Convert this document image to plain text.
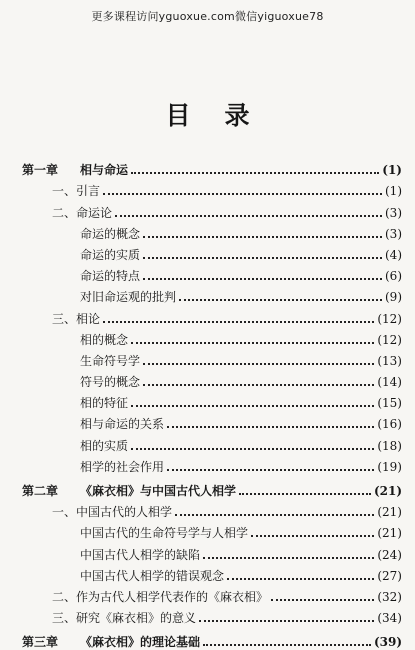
更多课程访问yguoxue.com微信yiguoxue78
目录
第一章 相与命运	(1)
一、引言	(1)
二、命运论	(3)
命运的概念	(3)
命运的实质	(4)
命运的特点	(6)
对旧命运观的批判	(9)
三、相论	(12)
相的概念	(12)
生命符号学	(13)
符号的概念	(14)
相的特征	(15)
相与命运的关系	(16)
相的实质	(18)
相学的社会作用	(19)
第二章 《麻衣相》与中国古代人相学	(21)
一、中国古代的人相学	(21)
中国古代的生命符号学与人相学	(21)
中国古代人相学的缺陷	(24)
中国古代人相学的错误观念	(27)
二、作为古代人相学代表作的《麻衣相》	(32)
三、研究《麻衣相》的意义	(34)
第三章 《麻衣相》的理论基础	(39)
